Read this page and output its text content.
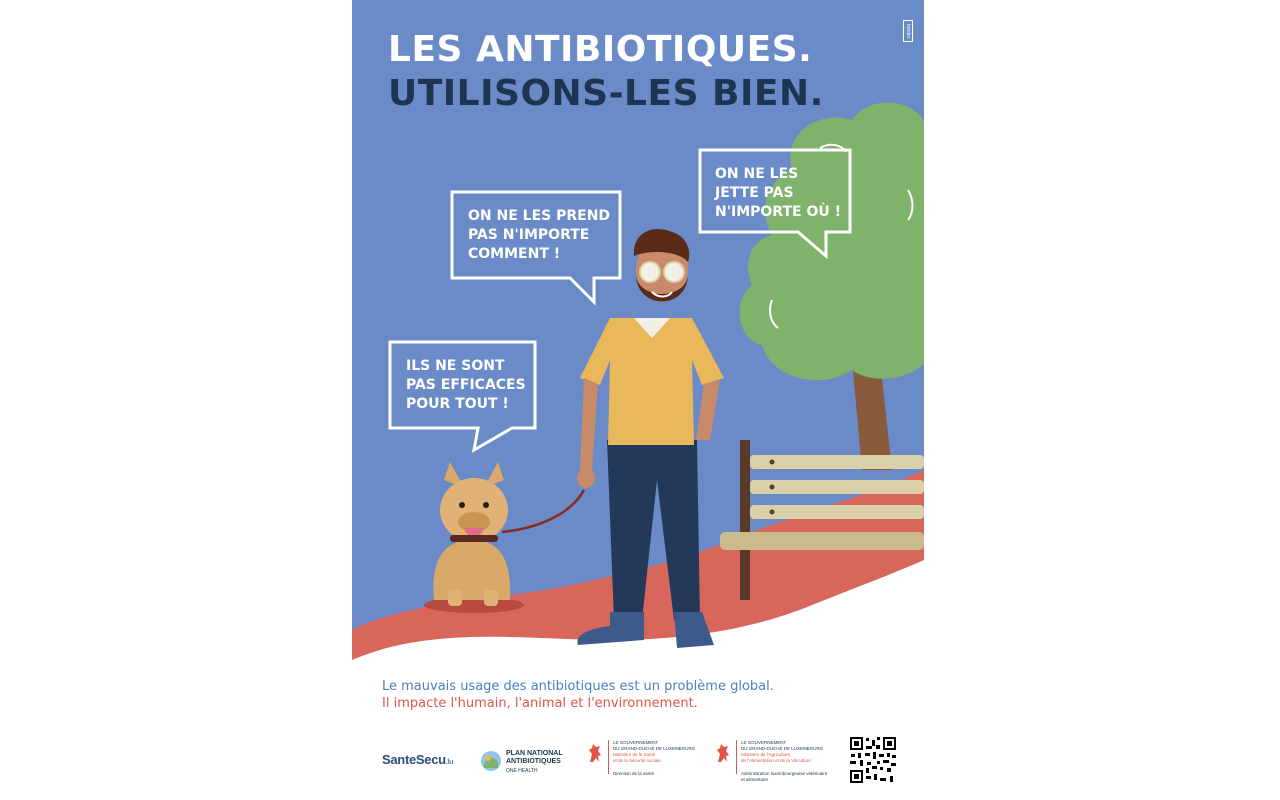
LES ANTIBIOTIQUES.
UTILISONS-LES BIEN.
border
ON NE LES PREND
PAS N'IMPORTE
COMMENT !
ON NE LES
JETTE PAS
N'IMPORTE OÙ !
ILS NE SONT
PAS EFFICACES
POUR TOUT !
Le mauvais usage des antibiotiques est un problème global.
Il impacte l'humain, l'animal et l'environnement.
SanteSecu.lu
PLAN NATIONAL
ANTIBIOTIQUES
ONE HEALTH
LE GOUVERNEMENT
DU GRAND-DUCHÉ DE LUXEMBOURG
Ministère de la Santé
et de la Sécurité sociale
Direction de la santé
LE GOUVERNEMENT
DU GRAND-DUCHÉ DE LUXEMBOURG
Ministère de l'Agriculture,
de l'Alimentation et de la Viticulture
Administration luxembourgeoise vétérinaire
et alimentaire
